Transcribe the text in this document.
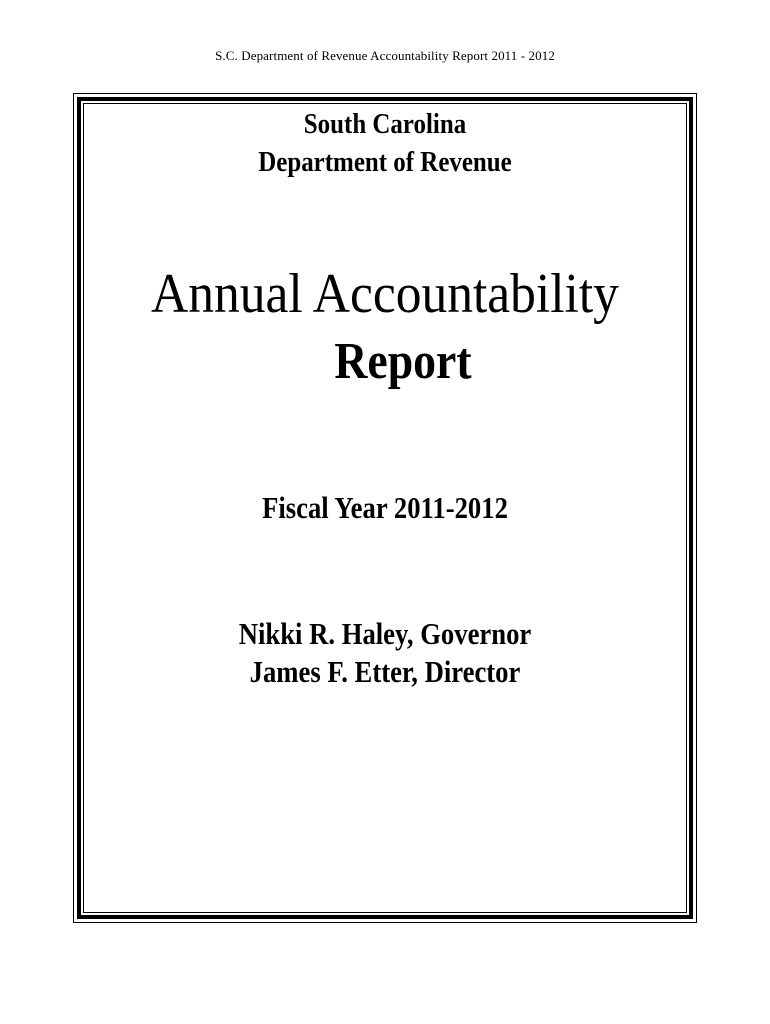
S.C. Department of Revenue Accountability Report 2011 - 2012
South Carolina
Department of Revenue
Annual Accountability
Report
Fiscal Year 2011-2012
Nikki R. Haley, Governor
James F. Etter, Director
